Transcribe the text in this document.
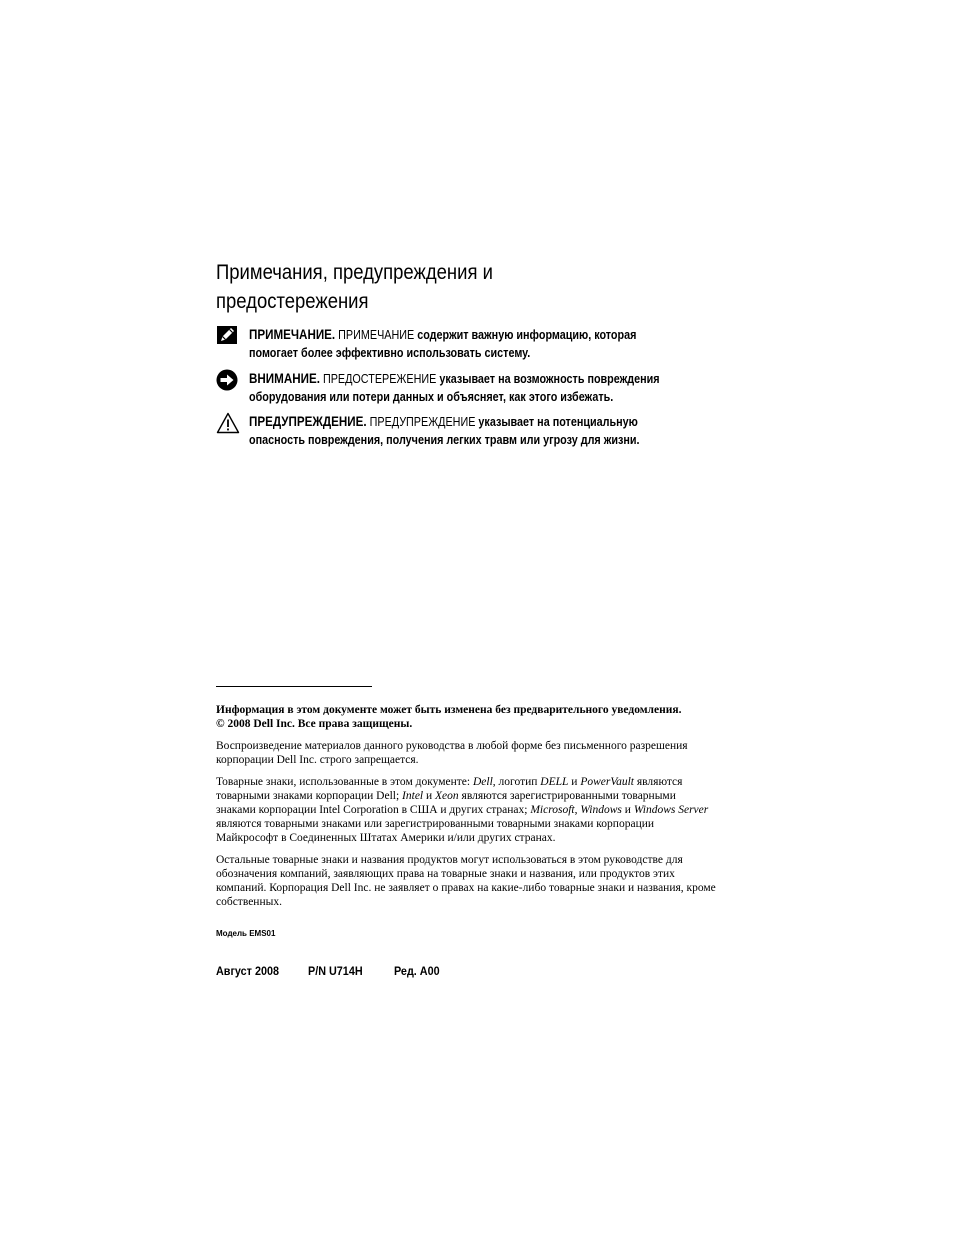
Примечания, предупреждения и
предостережения
ПРИМЕЧАНИЕ. ПРИМЕЧАНИЕ содержит важную информацию, которая
помогает более эффективно использовать систему.
ВНИМАНИЕ. ПРЕДОСТЕРЕЖЕНИЕ указывает на возможность повреждения
оборудования или потери данных и объясняет, как этого избежать.
ПРЕДУПРЕЖДЕНИЕ. ПРЕДУПРЕЖДЕНИЕ указывает на потенциальную
опасность повреждения, получения легких травм или угрозу для жизни.

Информация в этом документе может быть изменена без предварительного уведомления.
© 2008 Dell Inc. Все права защищены.

Воспроизведение материалов данного руководства в любой форме без письменного разрешения корпорации Dell Inc. строго запрещается.

Товарные знаки, использованные в этом документе: Dell, логотип DELL и PowerVault являются товарными знаками корпорации Dell; Intel и Xeon являются зарегистрированными товарными знаками корпорации Intel Corporation в США и других странах; Microsoft, Windows и Windows Server являются товарными знаками или зарегистрированными товарными знаками корпорации Майкрософт в Соединенных Штатах Америки и/или других странах.

Остальные товарные знаки и названия продуктов могут использоваться в этом руководстве для обозначения компаний, заявляющих права на товарные знаки и названия, или продуктов этих компаний. Корпорация Dell Inc. не заявляет о правах на какие-либо товарные знаки и названия, кроме собственных.

Модель EMS01
Август 2008 P/N U714H	Ред. A00
